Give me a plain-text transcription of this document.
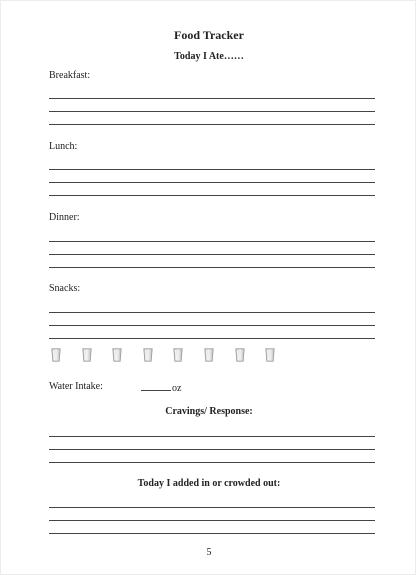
Food Tracker
Today I Ate……
Breakfast:
Lunch:
Dinner:
Snacks:
Water Intake:	oz
Cravings/ Response:
Today I added in or crowded out:
5
